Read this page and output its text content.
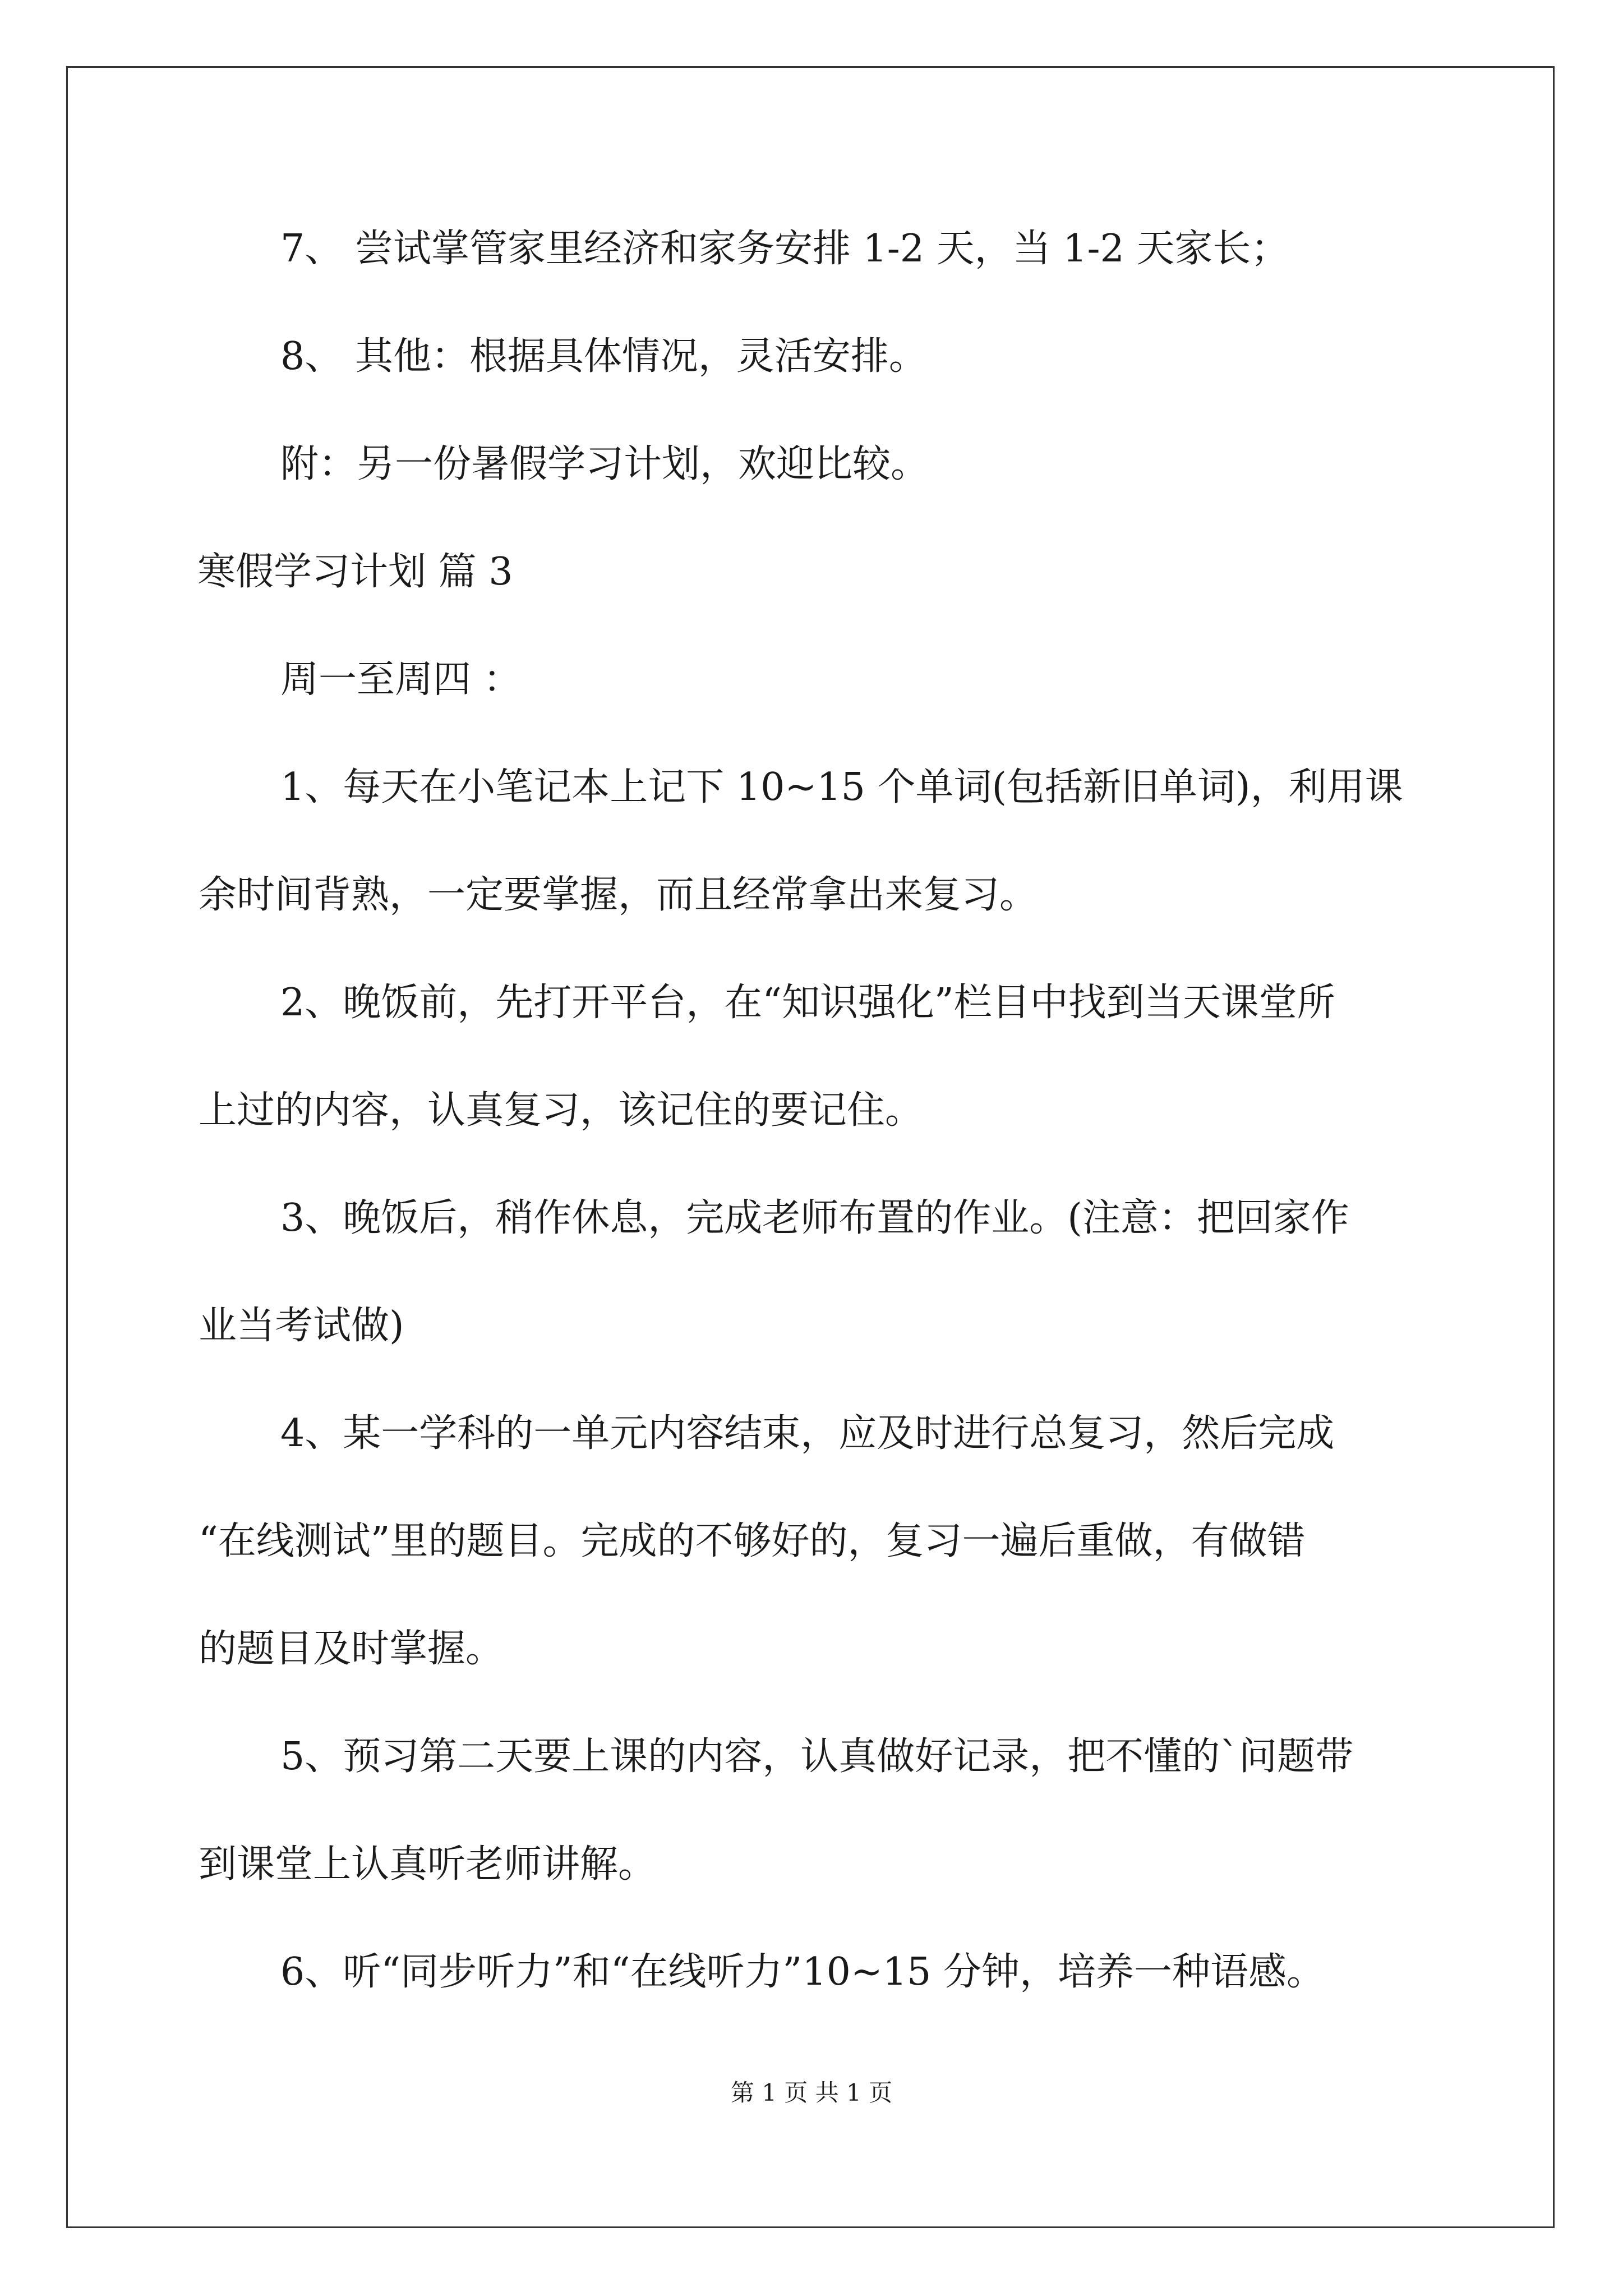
7、 尝试掌管家里经济和家务安排 1-2 天，当 1-2 天家长；
8、 其他：根据具体情况，灵活安排。
附：另一份暑假学习计划，欢迎比较。
寒假学习计划 篇 3
周一至周四 ：
1、每天在小笔记本上记下 10~15 个单词(包括新旧单词)，利用课
余时间背熟，一定要掌握，而且经常拿出来复习。
2、晚饭前，先打开平台，在“知识强化”栏目中找到当天课堂所
上过的内容，认真复习，该记住的要记住。
3、晚饭后，稍作休息，完成老师布置的作业。(注意：把回家作
业当考试做)
4、某一学科的一单元内容结束，应及时进行总复习，然后完成
“在线测试”里的题目。完成的不够好的，复习一遍后重做，有做错
的题目及时掌握。
5、预习第二天要上课的内容，认真做好记录，把不懂的`问题带
到课堂上认真听老师讲解。
6、听“同步听力”和“在线听力”10~15 分钟，培养一种语感。
第 1 页 共 1 页
